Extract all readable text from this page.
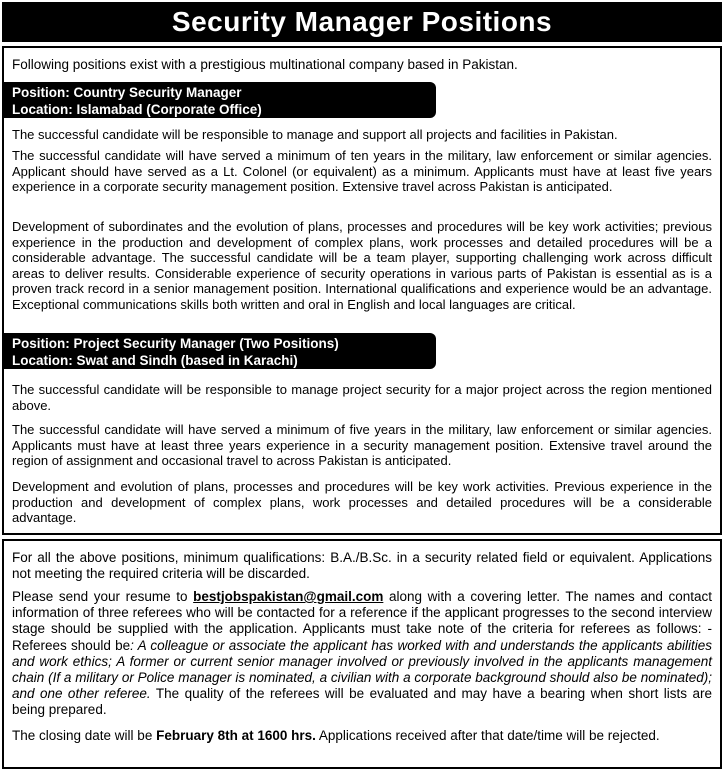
Security Manager Positions
Following positions exist with a prestigious multinational company based in Pakistan.
Position: Country Security Manager
Location: Islamabad (Corporate Office)

The successful candidate will be responsible to manage and support all projects and facilities in Pakistan.

The successful candidate will have served a minimum of ten years in the military, law enforcement or similar agencies. Applicant should have served as a Lt. Colonel (or equivalent) as a minimum. Applicants must have at least five years experience in a corporate security management position. Extensive travel across Pakistan is anticipated.

Development of subordinates and the evolution of plans, processes and procedures will be key work activities; previous experience in the production and development of complex plans, work processes and detailed procedures will be a considerable advantage. The successful candidate will be a team player, supporting challenging work across difficult areas to deliver results. Considerable experience of security operations in various parts of Pakistan is essential as is a proven track record in a senior management position. International qualifications and experience would be an advantage. Exceptional communications skills both written and oral in English and local languages are critical.

Position: Project Security Manager (Two Positions)
Location: Swat and Sindh (based in Karachi)

The successful candidate will be responsible to manage project security for a major project across the region mentioned above.

The successful candidate will have served a minimum of five years in the military, law enforcement or similar agencies. Applicants must have at least three years experience in a security management position. Extensive travel around the region of assignment and occasional travel to across Pakistan is anticipated.

Development and evolution of plans, processes and procedures will be key work activities. Previous experience in the production and development of complex plans, work processes and detailed procedures will be a considerable advantage.

For all the above positions, minimum qualifications: B.A./B.Sc. in a security related field or equivalent. Applications not meeting the required criteria will be discarded.

Please send your resume to bestjobspakistan@gmail.com along with a covering letter. The names and contact information of three referees who will be contacted for a reference if the applicant progresses to the second interview stage should be supplied with the application. Applicants must take note of the criteria for referees as follows: - Referees should be: A colleague or associate the applicant has worked with and understands the applicants abilities and work ethics; A former or current senior manager involved or previously involved in the applicants management chain (If a military or Police manager is nominated, a civilian with a corporate background should also be nominated); and one other referee. The quality of the referees will be evaluated and may have a bearing when short lists are being prepared.

The closing date will be February 8th at 1600 hrs. Applications received after that date/time will be rejected.
